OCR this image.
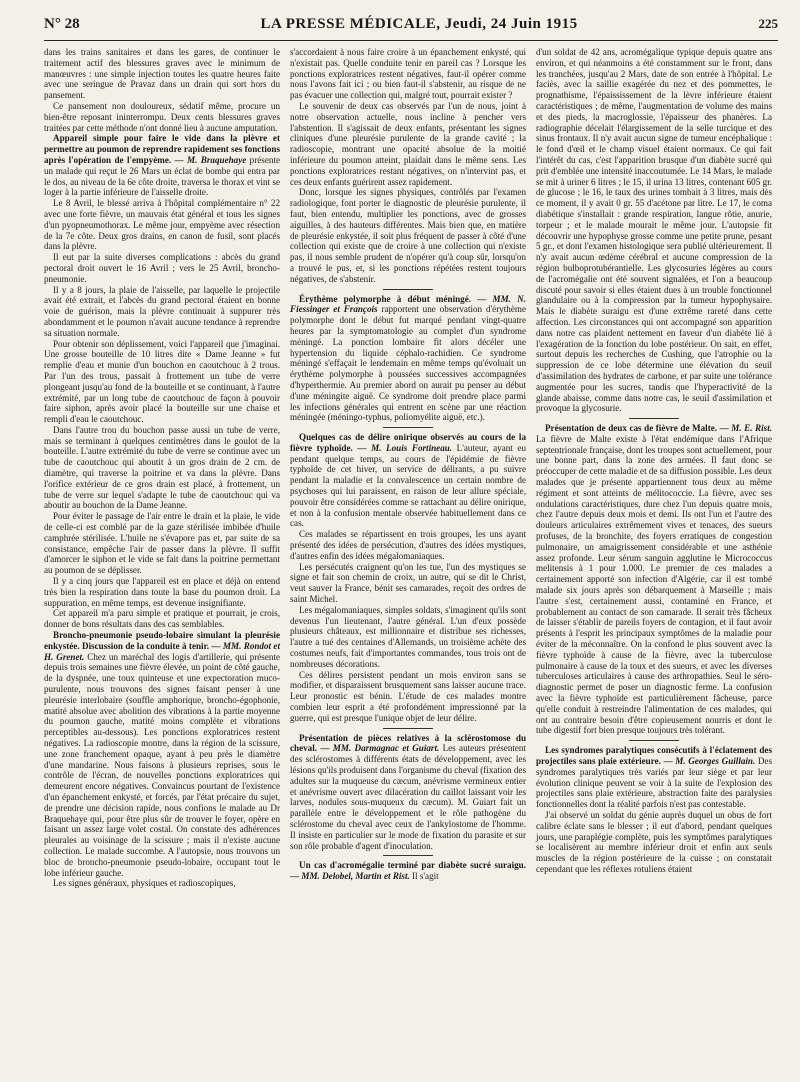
N° 28	LA PRESSE MÉDICALE, Jeudi, 24 Juin 1915	225

dans les trains sanitaires et dans les gares, de continuer le traitement actif des blessures graves avec le minimum de manœuvres : une simple injection toutes les quatre heures faite avec une seringue de Pravaz dans un drain qui sort hors du pansement.

Ce pansement non douloureux, sédatif même, procure un bien-être reposant ininterrompu. Deux cents blessures graves traitées par cette méthode n'ont donné lieu à aucune amputation.

Appareil simple pour faire le vide dans la plèvre et permettre au poumon de reprendre rapidement ses fonctions après l'opération de l'empyème. — M. Braquehaye présente un malade qui reçut le 26 Mars un éclat de bombe qui entra par le dos, au niveau de la 6e côte droite, traversa le thorax et vint se loger à la partie inférieure de l'aisselle droite.

Le 8 Avril, le blessé arriva à l'hôpital complémentaire n° 22 avec une forte fièvre, un mauvais état général et tous les signes d'un pyopneumothorax. Le même jour, empyème avec résection de la 7e côte. Deux gros drains, en canon de fusil, sont placés dans la plèvre.

Il eut par la suite diverses complications : abcès du grand pectoral droit ouvert le 16 Avril ; vers le 25 Avril, broncho-pneumonie.

Il y a 8 jours, la plaie de l'aisselle, par laquelle le projectile avait été extrait, et l'abcès du grand pectoral étaient en bonne voie de guérison, mais la plèvre continuait à suppurer très abondamment et le poumon n'avait aucune tendance à reprendre sa situation normale.

Pour obtenir son déplissement, voici l'appareil que j'imaginai. Une grosse bouteille de 10 litres dite « Dame Jeanne » fut remplie d'eau et munie d'un bouchon en caoutchouc à 2 trous. Par l'un des trous, passait à frottement un tube de verre plongeant jusqu'au fond de la bouteille et se continuant, à l'autre extrémité, par un long tube de caoutchouc de façon à pouvoir faire siphon, après avoir placé la bouteille sur une chaise et rempli d'eau le caoutchouc.

Dans l'autre trou du bouchon passe aussi un tube de verre, mais se terminant à quelques centimètres dans le goulot de la bouteille. L'autre extrémité du tube de verre se continue avec un tube de caoutchouc qui aboutit à un gros drain de 2 cm. de diamètre, qui traverse la poitrine et va dans la plèvre. Dans l'orifice extérieur de ce gros drain est placé, à frottement, un tube de verre sur lequel s'adapte le tube de caoutchouc qui va aboutir au bouchon de la Dame Jeanne.

Pour éviter le passage de l'air entre le drain et la plaie, le vide de celle-ci est comblé par de la gaze stérilisée imbibée d'huile camphrée stérilisée. L'huile ne s'évapore pas et, par suite de sa consistance, empêche l'air de passer dans la plèvre. Il suffit d'amorcer le siphon et le vide se fait dans la poitrine permettant au poumon de se déplisser.

Il y a cinq jours que l'appareil est en place et déjà on entend très bien la respiration dans toute la base du poumon droit. La suppuration, en même temps, est devenue insignifiante.

Cet appareil m'a paru simple et pratique et pourrait, je crois, donner de bons résultats dans des cas semblables.

Broncho-pneumonie pseudo-lobaire simulant la pleurésie enkystée. Discussion de la conduite à tenir. — MM. Rondot et H. Grenet. Chez un maréchal des logis d'artillerie, qui présente depuis trois semaines une fièvre élevée, un point de côté gauche, de la dyspnée, une toux quinteuse et une expectoration muco-purulente, nous trouvons des signes faisant penser à une pleurésie interlobaire (souffle amphorique, broncho-égophonie, matité absolue avec abolition des vibrations à la partie moyenne du poumon gauche, matité moins complète et vibrations perceptibles au-dessous). Les ponctions exploratrices restent négatives. La radioscopie montre, dans la région de la scissure, une zone franchement opaque, ayant à peu près le diamètre d'une mandarine. Nous faisons à plusieurs reprises, sous le contrôle de l'écran, de nouvelles ponctions exploratrices qui demeurent encore négatives. Convaincus pourtant de l'existence d'un épanchement enkysté, et forcés, par l'état précaire du sujet, de prendre une décision rapide, nous confions le malade au Dr Braquehaye qui, pour être plus sûr de trouver le foyer, opère en faisant un assez large volet costal. On constate des adhérences pleurales au voisinage de la scissure ; mais il n'existe aucune collection. Le malade succombe. A l'autopsie, nous trouvons un bloc de broncho-pneumonie pseudo-lobaire, occupant tout le lobe inférieur gauche.

Les signes généraux, physiques et radioscopiques,

s'accordaient à nous faire croire à un épanchement enkysté, qui n'existait pas. Quelle conduite tenir en pareil cas ? Lorsque les ponctions exploratrices restent négatives, faut-il opérer comme nous l'avons fait ici ; ou bien faut-il s'abstenir, au risque de ne pas évacuer une collection qui, malgré tout, pourrait exister ?

Le souvenir de deux cas observés par l'un de nous, joint à notre observation actuelle, nous incline à pencher vers l'abstention. Il s'agissait de deux enfants, présentant les signes cliniques d'une pleurésie purulente de la grande cavité ; la radioscopie, montrant une opacité absolue de la moitié inférieure du poumon atteint, plaidait dans le même sens. Les ponctions exploratrices restant négatives, on n'intervint pas, et ces deux enfants guérirent assez rapidement.

Donc, lorsque les signes physiques, contrôlés par l'examen radiologique, font porter le diagnostic de pleurésie purulente, il faut, bien entendu, multiplier les ponctions, avec de grosses aiguilles, à des hauteurs différentes. Mais bien que, en matière de pleurésie enkystée, il soit plus fréquent de passer à côté d'une collection qui existe que de croire à une collection qui n'existe pas, il nous semble prudent de n'opérer qu'à coup sûr, lorsqu'on a trouvé le pus, et, si les ponctions répétées restent toujours négatives, de s'abstenir.

Érythème polymorphe à début méningé. — MM. N. Fiessinger et François rapportent une observation d'érythème polymorphe dont le début fut marqué pendant vingt-quatre heures par la symptomatologie au complet d'un syndrome méningé. La ponction lombaire fit alors décéler une hypertension du liquide céphalo-rachidien. Ce syndrome méningé s'effaçait le lendemain en même temps qu'évoluait un érythème polymorphe à poussées successives accompagnées d'hyperthermie. Au premier abord on aurait pu penser au début d'une méningite aiguë. Ce syndrome doit prendre place parmi les infections générales qui entrent en scène par une réaction méningée (méningo-typhus, poliomyélite aiguë, etc.).

Quelques cas de délire onirique observés au cours de la fièvre typhoïde. — M. Louis Fortineau. L'auteur, ayant eu pendant quelque temps, au cours de l'épidémie de fièvre typhoïde de cet hiver, un service de délirants, a pu suivre pendant la maladie et la convalescence un certain nombre de psychoses qui lui paraissent, en raison de leur allure spéciale, pouvoir être considérées comme se rattachant au délire onirique, et non à la confusion mentale observée habituellement dans ce cas.

Ces malades se répartissent en trois groupes, les uns ayant présenté des idées de persécution, d'autres des idées mystiques, d'autres enfin des idées mégalomaniaques.

Les persécutés craignent qu'on les tue, l'un des mystiques se signe et fait son chemin de croix, un autre, qui se dit le Christ, veut sauver la France, bénit ses camarades, reçoit des ordres de saint Michel.

Les mégalomaniaques, simples soldats, s'imaginent qu'ils sont devenus l'un lieutenant, l'autre général. L'un d'eux possède plusieurs châteaux, est millionnaire et distribue ses richesses, l'autre a tué des centaines d'Allemands, un troisième achète des costumes neufs, fait d'importantes commandes, tous trois ont de nombreuses décorations.

Ces délires persistent pendant un mois environ sans se modifier, et disparaissent brusquement sans laisser aucune trace. Leur pronostic est bénin. L'étude de ces malades montre combien leur esprit a été profondément impressionné par la guerre, qui est presque l'unique objet de leur délire.

Présentation de pièces relatives à la sclérostomose du cheval. — MM. Darmagnac et Guiart. Les auteurs présentent des sclérostomes à différents états de développement, avec les lésions qu'ils produisent dans l'organisme du cheval (fixation des adultes sur la muqueuse du cæcum, anévrisme vermineux entier et anévrisme ouvert avec dilacération du caillot laissant voir les larves, nodules sous-muqueux du cæcum). M. Guiart fait un parallèle entre le développement et le rôle pathogène du sclérostome du cheval avec ceux de l'ankylostome de l'homme. Il insiste en particulier sur le mode de fixation du parasite et sur son rôle probable d'agent d'inoculation.

Un cas d'acromégalie terminé par diabète sucré suraigu. — MM. Delobel, Martin et Rist. Il s'agit

d'un soldat de 42 ans, acromégalique typique depuis quatre ans environ, et qui néanmoins a été constamment sur le front, dans les tranchées, jusqu'au 2 Mars, date de son entrée à l'hôpital. Le faciès, avec la saillie exagérée du nez et des pommettes, le prognathisme, l'épaississement de la lèvre inférieure étaient caractéristiques ; de même, l'augmentation de volume des mains et des pieds, la macroglossie, l'épaisseur des phanères. La radiographie décelait l'élargissement de la selle turcique et des sinus frontaux. Il n'y avait aucun signe de tumeur encéphalique : le fond d'œil et le champ visuel étaient normaux. Ce qui fait l'intérêt du cas, c'est l'apparition brusque d'un diabète sucré qui prit d'emblée une intensité inaccoutumée. Le 14 Mars, le malade se mit à uriner 6 litres ; le 15, il urina 13 litres, contenant 605 gr. de glucose ; le 16, le taux des urines tombait à 3 litres, mais dès ce moment, il y avait 0 gr. 55 d'acétone par litre. Le 17, le coma diabétique s'installait : grande respiration, langue rôtie, anurie, torpeur ; et le malade mourait le même jour. L'autopsie fit découvrir une hypophyse grosse comme une petite prune, pesant 5 gr., et dont l'examen histologique sera publié ultérieurement. Il n'y avait aucun œdème cérébral et aucune compression de la région bulboprotubérantielle. Les glycosuries légères au cours de l'acromégalie ont été souvent signalées, et l'on a beaucoup discuté pour savoir si elles étaient dues à un trouble fonctionnel glandulaire ou à la compression par la tumeur hypophysaire. Mais le diabète suraigu est d'une extrême rareté dans cette affection. Les circonstances qui ont accompagné son apparition dans notre cas plaident nettement en faveur d'un diabète lié à l'exagération de la fonction du lobe postérieur. On sait, en effet, surtout depuis les recherches de Cushing, que l'atrophie ou la suppression de ce lobe détermine une élévation du seuil d'assimilation des hydrates de carbone, et par suite une tolérance augmentée pour les sucres, tandis que l'hyperactivité de la glande abaisse, comme dans notre cas, le seuil d'assimilation et provoque la glycosurie.

Présentation de deux cas de fièvre de Malte. — M. E. Rist. La fièvre de Malte existe à l'état endémique dans l'Afrique septentrionale française, dont les troupes sont actuellement, pour une bonne part, dans la zone des armées. Il faut donc se préoccuper de cette maladie et de sa diffusion possible. Les deux malades que je présente appartiennent tous deux au même régiment et sont atteints de mélitococcie. La fièvre, avec ses ondulations caractéristiques, dure chez l'un depuis quatre mois, chez l'autre depuis deux mois et demi. Ils ont l'un et l'autre des douleurs articulaires extrêmement vives et tenaces, des sueurs profuses, de la bronchite, des foyers erratiques de congestion pulmonaire, un amaigrissement considérable et une asthénie assez profonde. Leur sérum sanguin agglutine le Micrococcus melitensis à 1 pour 1.000. Le premier de ces malades a certainement apporté son infection d'Algérie, car il est tombé malade six jours après son débarquement à Marseille ; mais l'autre s'est, certainement aussi, contaminé en France, et probablement au contact de son camarade. Il serait très fâcheux de laisser s'établir de pareils foyers de contagion, et il faut avoir présents à l'esprit les principaux symptômes de la maladie pour éviter de la méconnaître. On la confond le plus souvent avec la fièvre typhoïde à cause de la fièvre, avec la tuberculose pulmonaire à cause de la toux et des sueurs, et avec les diverses tuberculoses articulaires à cause des arthropathies. Seul le séro-diagnostic permet de poser un diagnostic ferme. La confusion avec la fièvre typhoïde est particulièrement fâcheuse, parce qu'elle conduit à restreindre l'alimentation de ces malades, qui ont au contraire besoin d'être copieusement nourris et dont le tube digestif fort bien presque toujours très tolérant.

Les syndromes paralytiques consécutifs à l'éclatement des projectiles sans plaie extérieure. — M. Georges Guillain. Des syndromes paralytiques très variés par leur siège et par leur évolution clinique peuvent se voir à la suite de l'explosion des projectiles sans plaie extérieure, abstraction faite des paralysies fonctionnelles dont la réalité parfois n'est pas contestable.

J'ai observé un soldat du génie auprès duquel un obus de fort calibre éclate sans le blesser ; il eut d'abord, pendant quelques jours, une paraplégie complète, puis les symptômes paralytiques se localisèrent au membre inférieur droit et enfin aux seuls muscles de la région postérieure de la cuisse ; on constatait cependant que les réflexes rotuliens étaient
